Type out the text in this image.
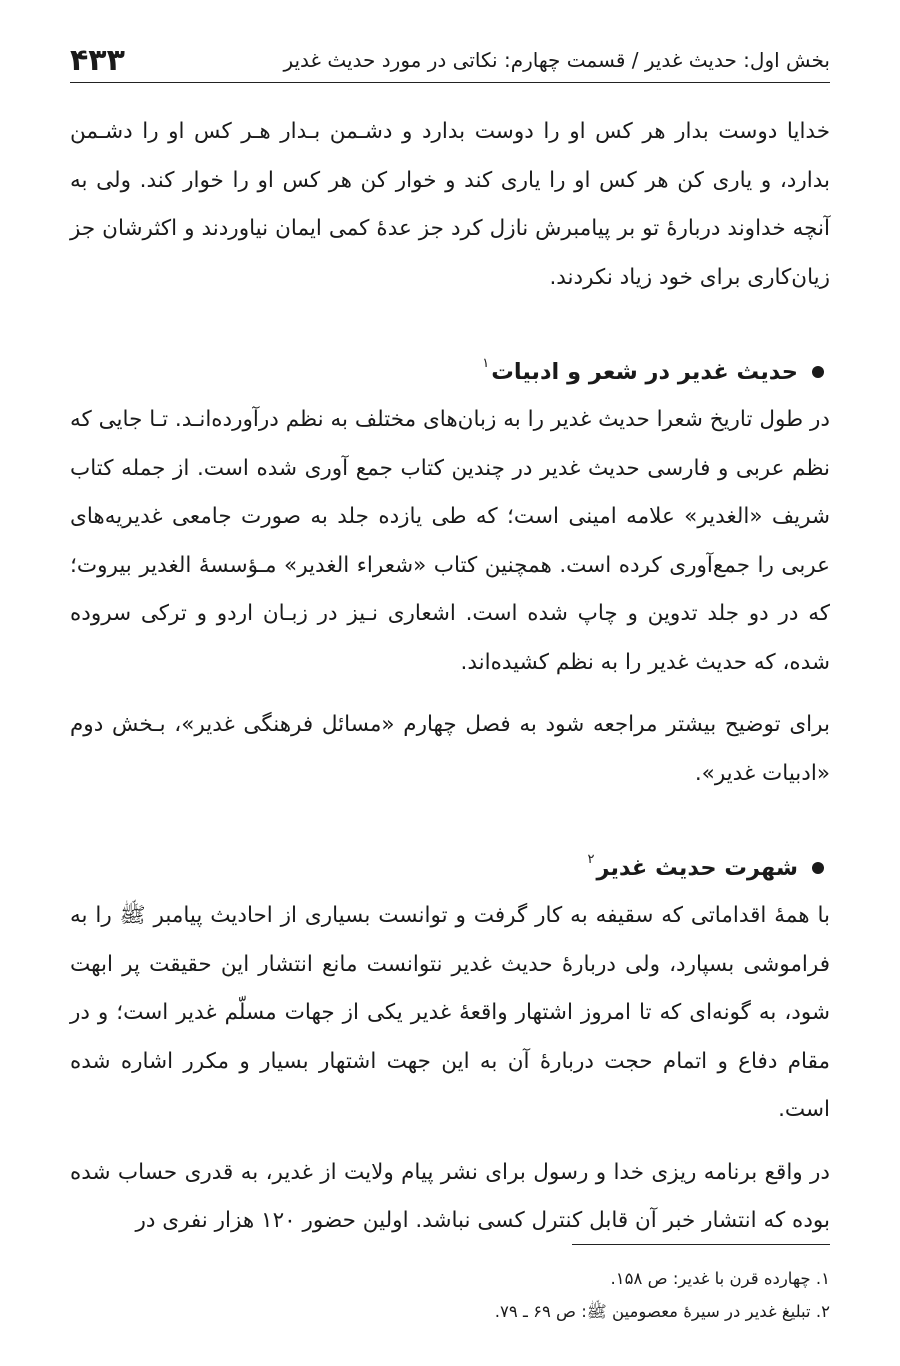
بخش اول: حدیث غدیر / قسمت چهارم: نکاتی در مورد حدیث غدیر
۴۳۳

خدایا دوست بدار هر کس او را دوست بدارد و دشـمن بـدار هـر کس او را دشـمن بدارد، و یاری کن هر کس او را یاری کند و خوار کن هر کس او را خوار کند. ولی به آنچه خداوند دربارهٔ تو بر پیامبرش نازل کرد جز عدهٔ کمی ایمان نیاوردند و اکثرشان جز زیان‌کاری برای خود زیاد نکردند.

حدیث غدیر در شعر و ادبیات
$^۱$

در طول تاریخ شعرا حدیث غدیر را به زبان‌های مختلف به نظم درآورده‌انـد. تـا جایی که نظم عربی و فارسی حدیث غدیر در چندین کتاب جمع آوری شده است. از جمله کتاب شریف «الغدیر» علامه امینی است؛ که طی یازده جلد به صورت جامعی غدیریه‌های عربی را جمع‌آوری کرده است. همچنین کتاب «شعراء الغدیر» مـؤسسهٔ الغدیر بیروت؛ که در دو جلد تدوین و چاپ شده است. اشعاری نـیز در زبـان اردو و ترکی سروده شده، که حدیث غدیر را به نظم کشیده‌اند.

برای توضیح بیشتر مراجعه شود به فصل چهارم «مسائل فرهنگی غدیر»، بـخش دوم «ادبیات غدیر».

شهرت حدیث غدیر
$^۲$

با همهٔ اقداماتی که سقیفه به کار گرفت و توانست بسیاری از احادیث پیامبر ﷺ را به فراموشی بسپارد، ولی دربارهٔ حدیث غدیر نتوانست مانع انتشار این حقیقت پر ابهت شود، به گونه‌ای که تا امروز اشتهار واقعهٔ غدیر یکی از جهات مسلّم غدیر است؛ و در مقام دفاع و اتمام حجت دربارهٔ آن به این جهت اشتهار بسیار و مکرر اشاره شده است.

در واقع برنامه ریزی خدا و رسول برای نشر پیام ولایت از غدیر، به قدری حساب شده بوده که انتشار خبر آن قابل کنترل کسی نباشد. اولین حضور ۱۲۰ هزار نفری در

۱. چهارده قرن با غدیر: ص ۱۵۸.

۲. تبلیغ غدیر در سیرهٔ معصومین ﷺ: ص ۶۹ ـ ۷۹.
